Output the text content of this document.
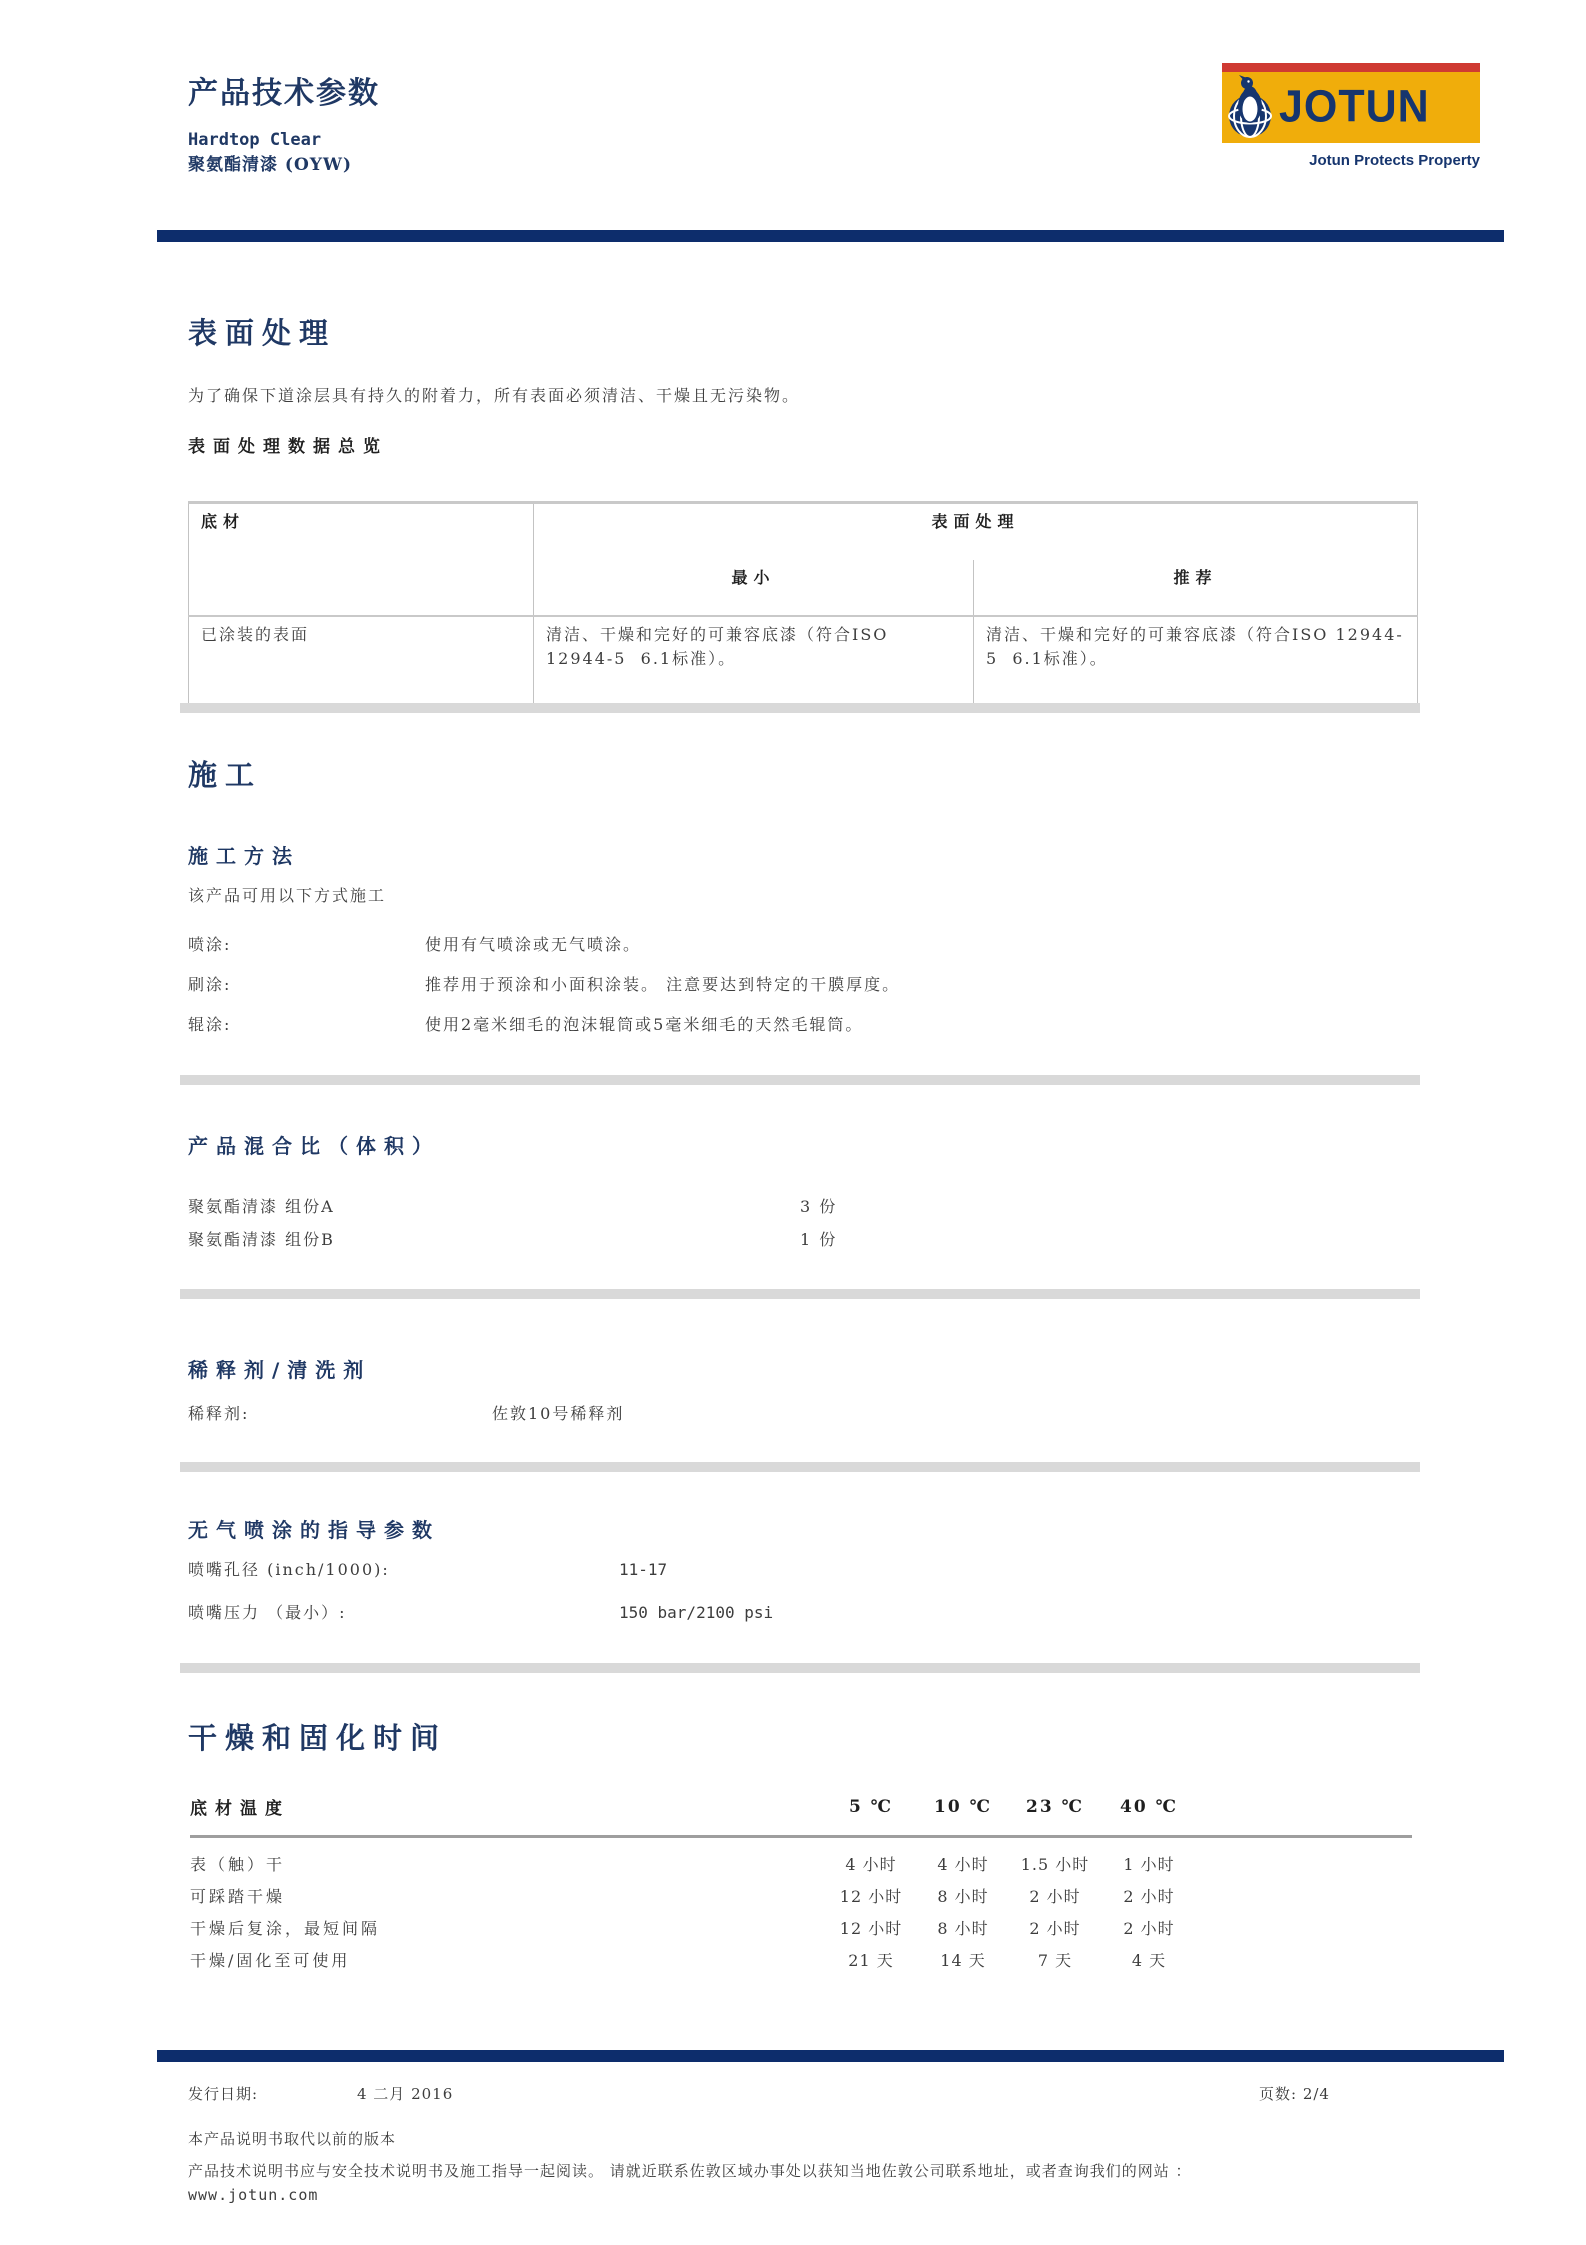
产品技术参数
Hardtop Clear
聚氨酯清漆 (OYW)
JOTUN
Jotun Protects Property
表面处理
为了确保下道涂层具有持久的附着力，所有表面必须清洁、干燥且无污染物。
表面处理数据总览
底材	表面处理	
	最小	推荐
已涂装的表面	清洁、干燥和完好的可兼容底漆（符合ISO 12944-5  6.1标准）。	清洁、干燥和完好的可兼容底漆（符合ISO 12944-5  6.1标准）。
施工
施工方法
该产品可用以下方式施工
喷涂:	使用有气喷涂或无气喷涂。
刷涂:	推荐用于预涂和小面积涂装。 注意要达到特定的干膜厚度。
辊涂:	使用2毫米细毛的泡沫辊筒或5毫米细毛的天然毛辊筒。
产品混合比（体积）
聚氨酯清漆 组份A	3 份
聚氨酯清漆 组份B	1 份
稀释剂/清洗剂
稀释剂:	佐敦10号稀释剂
无气喷涂的指导参数
喷嘴孔径 (inch/1000):	11-17
喷嘴压力 （最小）:	150 bar/2100 psi
干燥和固化时间
底材温度	5 ℃	10 ℃	23 ℃	40 ℃	
表（触）干	4 小时	4 小时	1.5 小时	1 小时	
可踩踏干燥	12 小时	8 小时	2 小时	2 小时	
干燥后复涂，最短间隔	12 小时	8 小时	2 小时	2 小时	
干燥/固化至可使用	21 天	14 天	7 天	4 天	
发行日期:	4 二月 2016	页数: 2/4
本产品说明书取代以前的版本
产品技术说明书应与安全技术说明书及施工指导一起阅读。 请就近联系佐敦区域办事处以获知当地佐敦公司联系地址，或者查询我们的网站 ：
www.jotun.com
